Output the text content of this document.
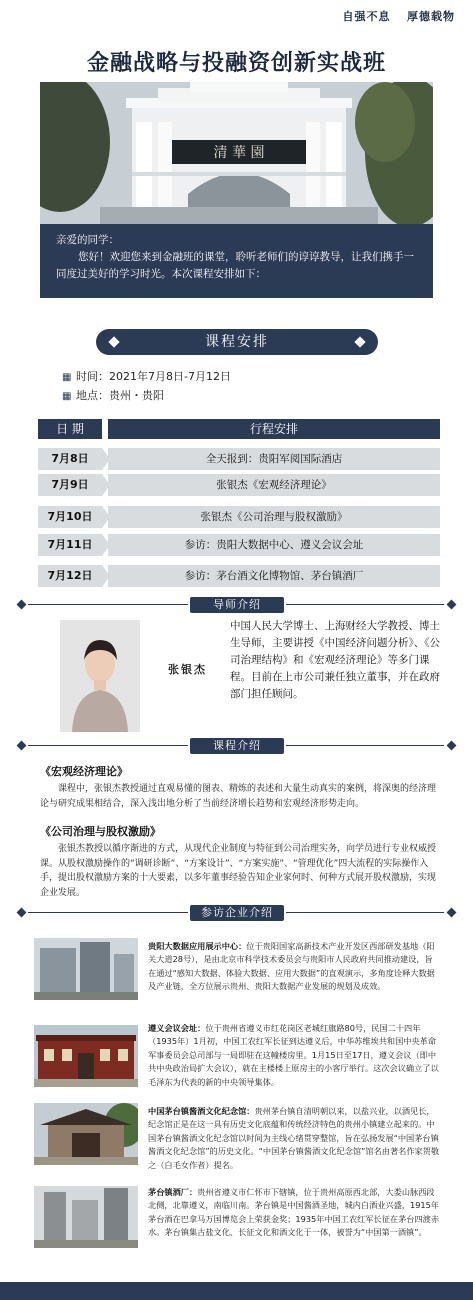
自强不息 厚德载物
金融战略与投融资创新实战班
清 華 園

亲爱的同学：

您好！欢迎您来到金融班的课堂，聆听老师们的谆谆教导，让我们携手一同度过美好的学习时光。本次课程安排如下：

课程安排
▦ 时间：2021年7月8日-7月12日
▦ 地点：贵州・贵阳
日 期	行程安排
7月8日	全天报到：贵阳军阅国际酒店
7月9日	张银杰《宏观经济理论》
7月10日	张银杰《公司治理与股权激励》
7月11日	参访：贵阳大数据中心、遵义会议会址
7月12日	参访：茅台酒文化博物馆、茅台镇酒厂
导师介绍
张银杰
中国人民大学博士、上海财经大学教授、博士生导师，主要讲授《中国经济问题分析》、《公司治理结构》和《宏观经济理论》等多门课程。目前在上市公司兼任独立董事，并在政府部门担任顾问。
课程介绍
《宏观经济理论》
课程中，张银杰教授通过直观易懂的图表、精炼的表述和大量生动真实的案例，将深奥的经济理论与研究成果相结合，深入浅出地分析了当前经济增长趋势和宏观经济形势走向。
《公司治理与股权激励》
张银杰教授以循序渐进的方式，从现代企业制度与特征到公司治理实务，向学员进行专业权威授课。从股权激励操作的“调研诊断”、“方案设计”、“方案实施”、“管理优化”四大流程的实际操作入手，提出股权激励方案的十大要素，以多年董事经验告知企业家何时、何种方式展开股权激励，实现企业发展。
参访企业介绍
贵阳大数据应用展示中心：位于贵阳国家高新技术产业开发区西部研发基地（阳关大道28号），是由北京市科学技术委员会与贵阳市人民政府共同推动建设，旨在通过“感知大数据、体验大数据、应用大数据”的直观演示，多角度诠释大数据及产业链，全方位展示贵州、贵阳大数据产业发展的规划及成效。
遵义会议会址：位于贵州省遵义市红花岗区老城红旗路80号，民国二十四年（1935年）1月初，中国工农红军长征到达遵义后，中华苏维埃共和国中央革命军事委员会总司部与一局即驻在这幢楼房里。1月15日至17日，遵义会议（即中共中央政治局扩大会议），就在主楼楼上原房主的小客厅举行。这次会议确立了以毛泽东为代表的新的中央领导集体。
中国茅台镇酱酒文化纪念馆：贵州茅台镇自清明朝以来，以盐兴业，以酒见长，纪念馆正是在这一具有历史文化底蕴和传统经济特色的贵州小镇建立起来的。中国茅台镇酱酒文化纪念馆以时间为主线心绪贯穿整馆，旨在弘扬发展“中国茅台镇酱酒文化纪念馆”的历史文化。“中国茅台镇酱酒文化纪念馆”馆名由著名作家贺敬之（白毛女作者）提名。
茅台镇酒厂：贵州省遵义市仁怀市下辖镇，位于贵州高原西北部，大娄山脉西段北侧，北靠遵义，南临川南。茅台镇是中国酱酒圣地，城内白酒业兴盛，1915年茅台酒在巴拿马万国博览会上荣获金奖；1935年中国工农红军长征在茅台四渡赤水。茅台镇集古盐文化、长征文化和酒文化于一体，被誉为“中国第一酒镇”。
